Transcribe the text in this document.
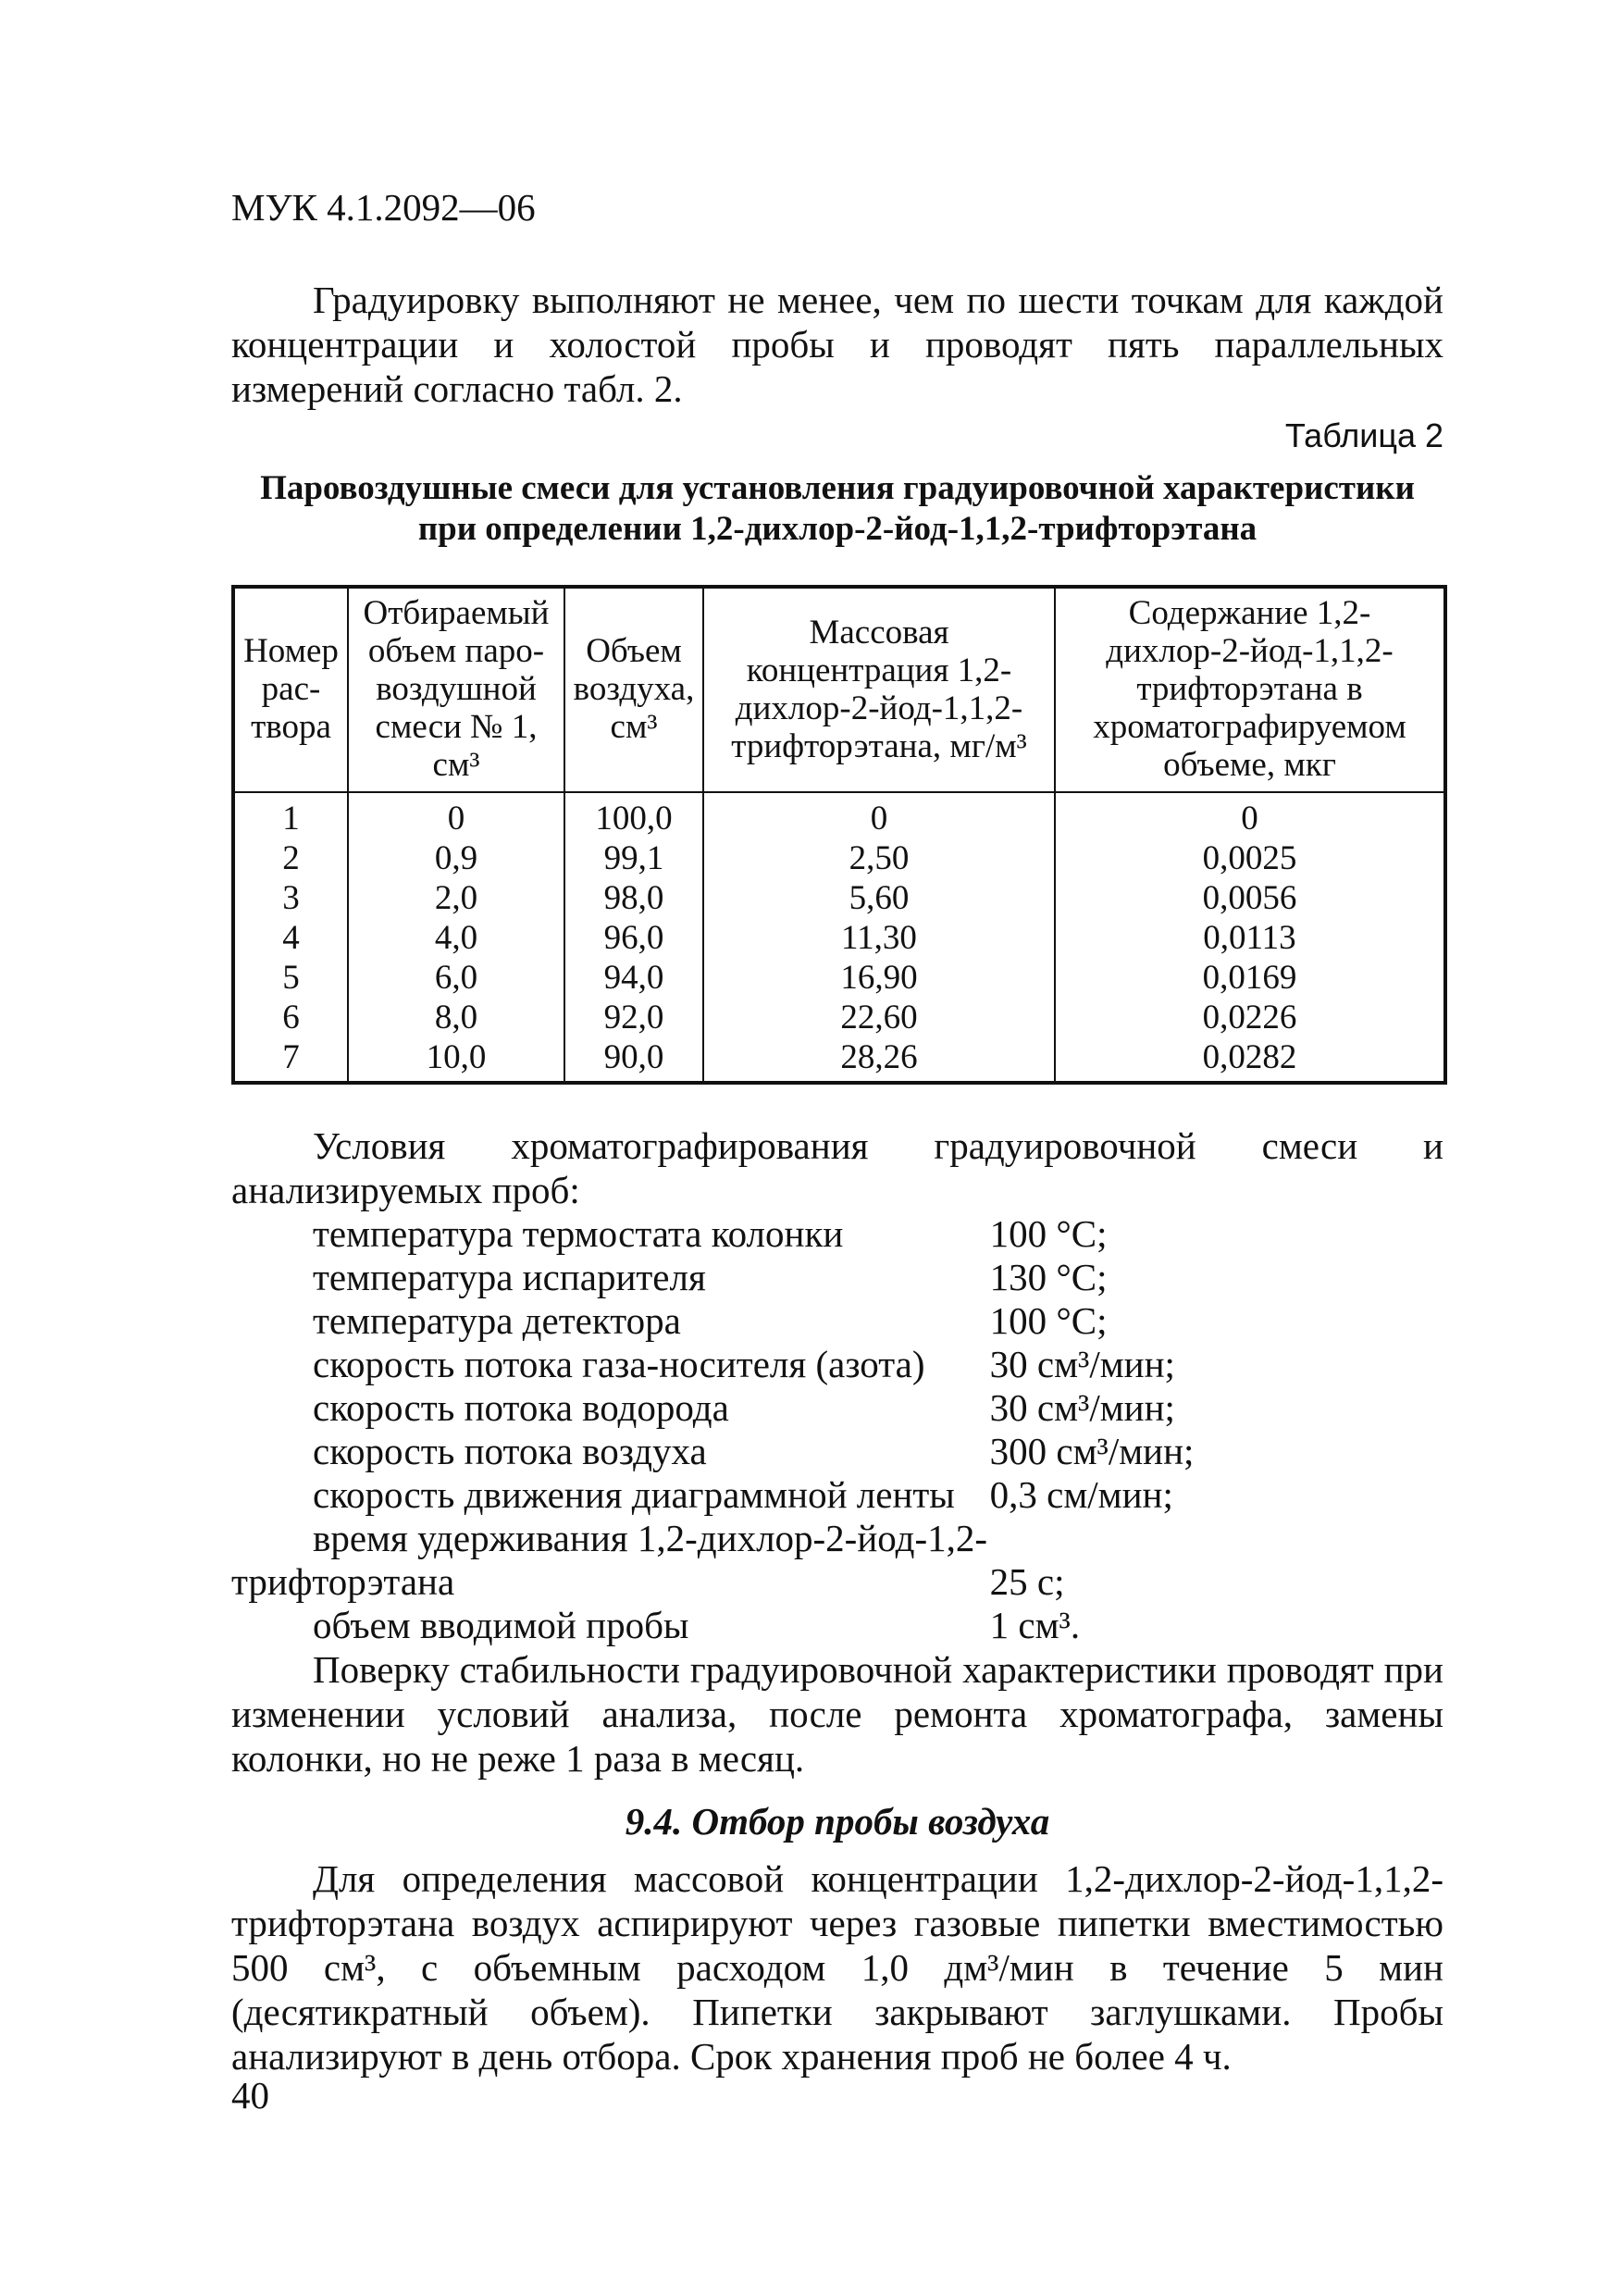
МУК 4.1.2092—06

Градуировку выполняют не менее, чем по шести точкам для каждой концентрации и холостой пробы и проводят пять параллельных измерений согласно табл. 2.

Таблица 2
Паровоздушные смеси для установления градуировочной характеристики
при определении 1,2-дихлор-2-йод-1,1,2-трифторэтана
Номер рас-твора	Отбираемый объем паро-воздушной смеси № 1, см³	Объем воздуха, см³	Массовая концентрация 1,2-дихлор-2-йод-1,1,2-трифторэтана, мг/м³	Содержание 1,2-дихлор-2-йод-1,1,2-трифторэтана в хроматографируемом объеме, мкг
1	0	100,0	0	0
2	0,9	99,1	2,50	0,0025
3	2,0	98,0	5,60	0,0056
4	4,0	96,0	11,30	0,0113
5	6,0	94,0	16,90	0,0169
6	8,0	92,0	22,60	0,0226
7	10,0	90,0	28,26	0,0282

Условия хроматографирования градуировочной смеси и анализируемых проб:

температура термостата колонки	100 °C;
температура испарителя	130 °C;
температура детектора	100 °C;
скорость потока газа-носителя (азота)	30 см³/мин;
скорость потока водорода	30 см³/мин;
скорость потока воздуха	300 см³/мин;
скорость движения диаграммной ленты	0,3 см/мин;
время удерживания 1,2-дихлор-2-йод-1,2-	
трифторэтана	25 с;
объем вводимой пробы	1 см³.

Поверку стабильности градуировочной характеристики проводят при изменении условий анализа, после ремонта хроматографа, замены колонки, но не реже 1 раза в месяц.

9.4. Отбор пробы воздуха

Для определения массовой концентрации 1,2-дихлор-2-йод-1,1,2-трифторэтана воздух аспирируют через газовые пипетки вместимостью 500 см³, с объемным расходом 1,0 дм³/мин в течение 5 мин (десятикратный объем). Пипетки закрывают заглушками. Пробы анализируют в день отбора. Срок хранения проб не более 4 ч.

40
